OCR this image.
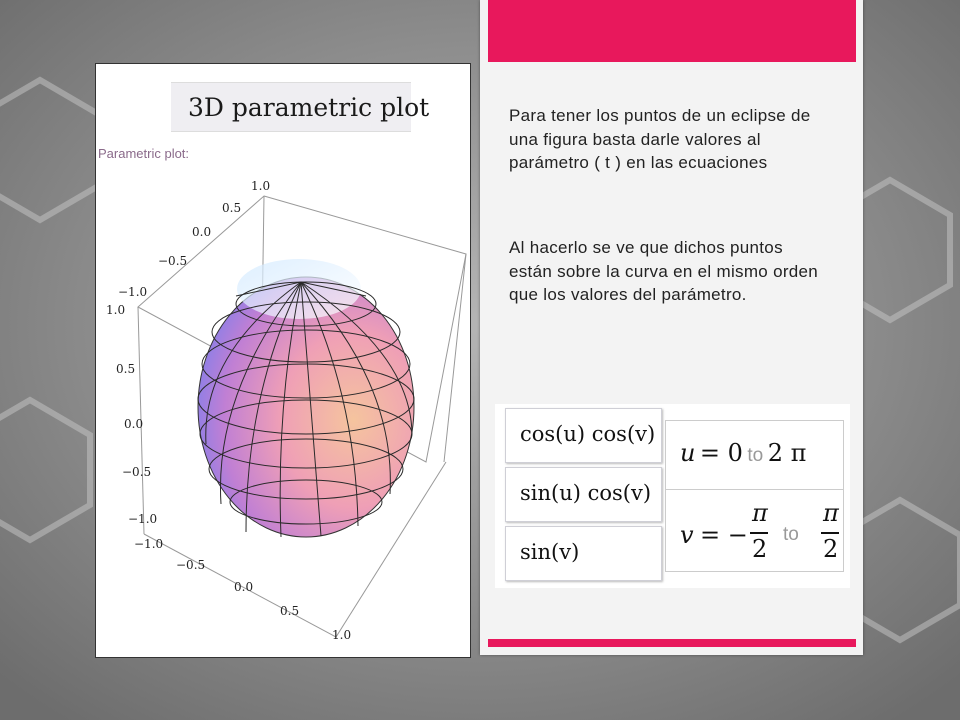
3D parametric plot
Parametric plot:
1.0
0.5
0.0
−0.5
−1.0
1.0
0.5
0.0
−0.5
−1.0
−1.0
−0.5
0.0
0.5
1.0
Para tener los puntos de un eclipse de una figura basta darle valores al parámetro ( t ) en las ecuaciones
Al hacerlo se ve que dichos puntos están sobre la curva en el mismo orden que los valores del parámetro.
cos(u) cos(v)
sin(u) cos(v)
sin(v)
u = 0 to 2 π
v = −
π
2
to
π
2
